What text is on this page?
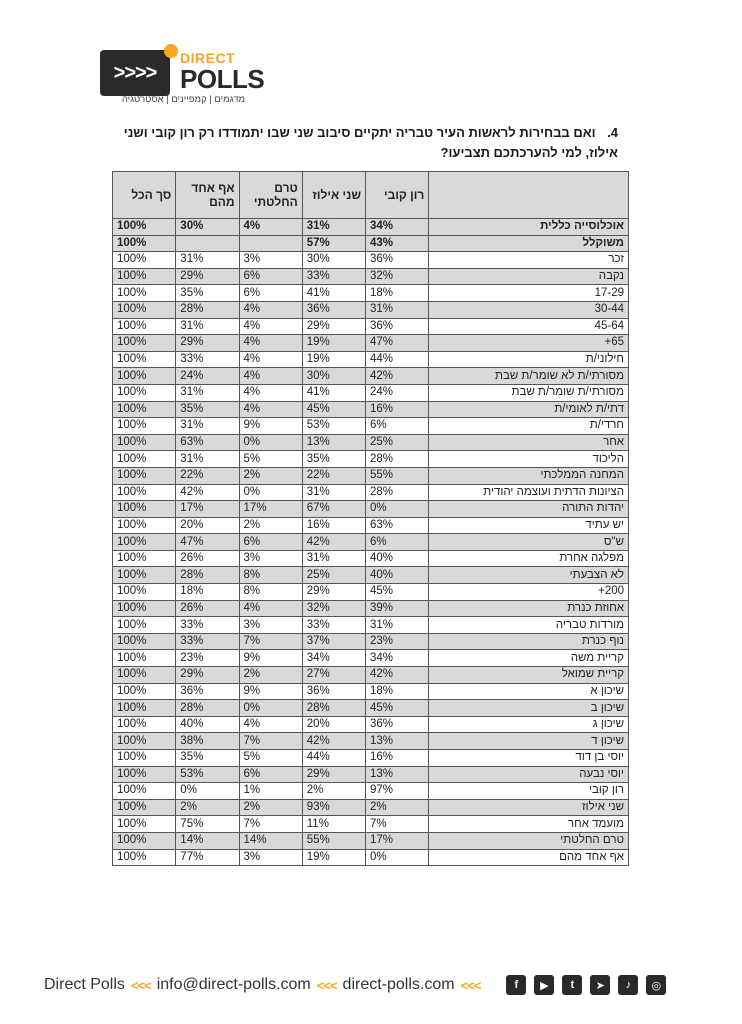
>>>>
DIRECT
POLLS
מדגמים | קמפיינים | אסטרטגיה
4. ואם בבחירות לראשות העיר טבריה יתקיים סיבוב שני שבו יתמודדו רק רון קובי ושני אילוז, למי להערכתכם תצביעו?
	רון קובי	שני אילוז	טרם החלטתי	אף אחד מהם	סך הכל
אוכלוסייה כללית	34%	31%	4%	30%	100%
משוקלל	43%	57%			100%
זכר	36%	30%	3%	31%	100%
נקבה	32%	33%	6%	29%	100%
17-29	18%	41%	6%	35%	100%
30-44	31%	36%	4%	28%	100%
45-64	36%	29%	4%	31%	100%
65+	47%	19%	4%	29%	100%
חילוני/ת	44%	19%	4%	33%	100%
מסורתי/ת לא שומר/ת שבת	42%	30%	4%	24%	100%
מסורתי/ת שומר/ת שבת	24%	41%	4%	31%	100%
דתי/ת לאומי/ת	16%	45%	4%	35%	100%
חרדי/ת	6%	53%	9%	31%	100%
אחר	25%	13%	0%	63%	100%
הליכוד	28%	35%	5%	31%	100%
המחנה הממלכתי	55%	22%	2%	22%	100%
הציונות הדתית ועוצמה יהודית	28%	31%	0%	42%	100%
יהדות התורה	0%	67%	17%	17%	100%
יש עתיד	63%	16%	2%	20%	100%
ש"ס	6%	42%	6%	47%	100%
מפלגה אחרת	40%	31%	3%	26%	100%
לא הצבעתי	40%	25%	8%	28%	100%
200+	45%	29%	8%	18%	100%
אחוזת כנרת	39%	32%	4%	26%	100%
מורדות טבריה	31%	33%	3%	33%	100%
נוף כנרת	23%	37%	7%	33%	100%
קריית משה	34%	34%	9%	23%	100%
קריית שמואל	42%	27%	2%	29%	100%
שיכון א	18%	36%	9%	36%	100%
שיכון ב	45%	28%	0%	28%	100%
שיכון ג	36%	20%	4%	40%	100%
שיכון ד	13%	42%	7%	38%	100%
יוסי בן דוד	16%	44%	5%	35%	100%
יוסי נבעה	13%	29%	6%	53%	100%
רון קובי	97%	2%	1%	0%	100%
שני אילוז	2%	93%	2%	2%	100%
מועמד אחר	7%	11%	7%	75%	100%
טרם החלטתי	17%	55%	14%	14%	100%
אף אחד מהם	0%	19%	3%	77%	100%
Direct Polls <<< info@direct-polls.com <<< direct-polls.com <<<	f	▶	t	➤	♪	◎
